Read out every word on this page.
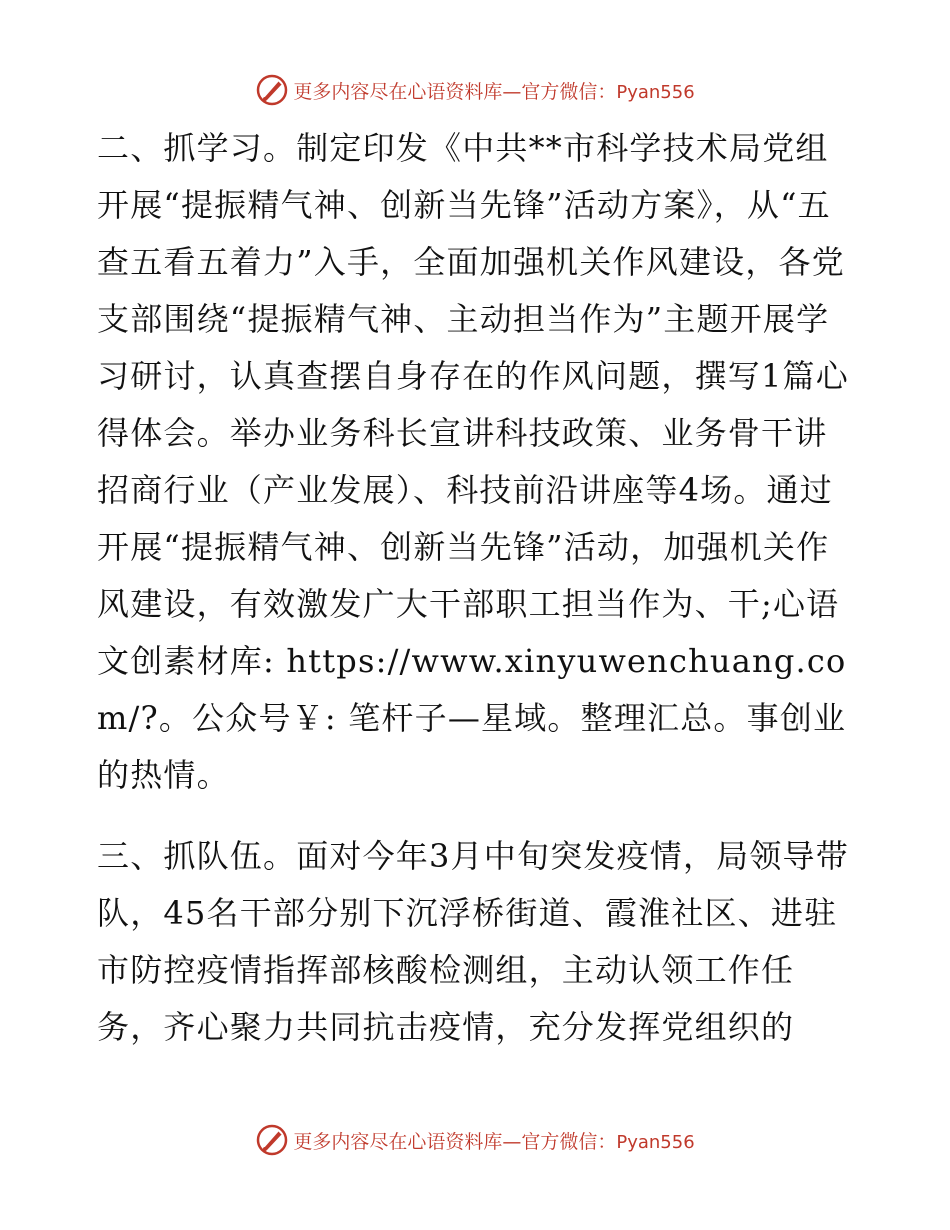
更多内容尽在心语资料库—官方微信：Pyan556

二、抓学习。制定印发《中共**市科学技术局党组开展“提振精气神、创新当先锋”活动方案》，从“五查五看五着力”入手，全面加强机关作风建设，各党支部围绕“提振精气神、主动担当作为”主题开展学习研讨，认真查摆自身存在的作风问题，撰写1篇心得体会。举办业务科长宣讲科技政策、业务骨干讲招商行业（产业发展）、科技前沿讲座等4场。通过开展“提振精气神、创新当先锋”活动，加强机关作风建设，有效激发广大干部职工担当作为、干;心语文创素材库: https://www.xinyuwenchuang.com/?。公众号￥: 笔杆子—星域。整理汇总。事创业的热情。

三、抓队伍。面对今年3月中旬突发疫情，局领导带队，45名干部分别下沉浮桥街道、霞淮社区、进驻市防控疫情指挥部核酸检测组，主动认领工作任务，齐心聚力共同抗击疫情，充分发挥党组织的

更多内容尽在心语资料库—官方微信：Pyan556
